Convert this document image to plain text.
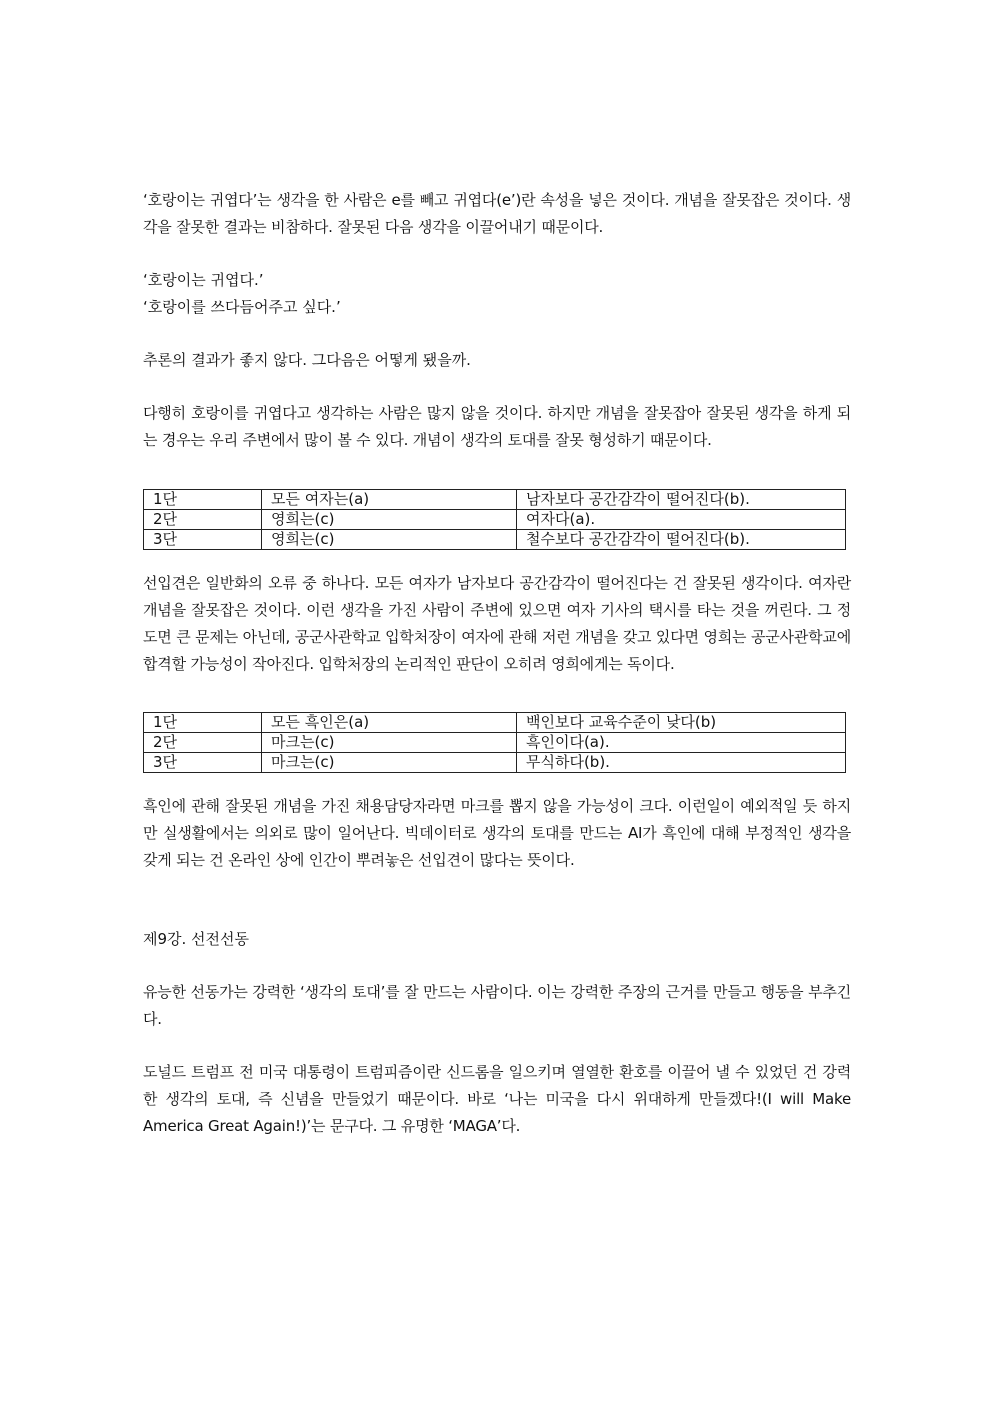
‘호랑이는 귀엽다’는 생각을 한 사람은 e를 빼고 귀엽다(e’)란 속성을 넣은 것이다. 개념을 잘못잡은 것이다. 생각을 잘못한 결과는 비참하다. 잘못된 다음 생각을 이끌어내기 때문이다.

‘호랑이는 귀엽다.’

‘호랑이를 쓰다듬어주고 싶다.’

추론의 결과가 좋지 않다. 그다음은 어떻게 됐을까.

다행히 호랑이를 귀엽다고 생각하는 사람은 많지 않을 것이다. 하지만 개념을 잘못잡아 잘못된 생각을 하게 되는 경우는 우리 주변에서 많이 볼 수 있다. 개념이 생각의 토대를 잘못 형성하기 때문이다.

1단	모든 여자는(a)	남자보다 공간감각이 떨어진다(b).
2단	영희는(c)	여자다(a).
3단	영희는(c)	철수보다 공간감각이 떨어진다(b).

선입견은 일반화의 오류 중 하나다. 모든 여자가 남자보다 공간감각이 떨어진다는 건 잘못된 생각이다. 여자란 개념을 잘못잡은 것이다. 이런 생각을 가진 사람이 주변에 있으면 여자 기사의 택시를 타는 것을 꺼린다. 그 정도면 큰 문제는 아닌데, 공군사관학교 입학처장이 여자에 관해 저런 개념을 갖고 있다면 영희는 공군사관학교에 합격할 가능성이 작아진다. 입학처장의 논리적인 판단이 오히려 영희에게는 독이다.

1단	모든 흑인은(a)	백인보다 교육수준이 낮다(b)
2단	마크는(c)	흑인이다(a).
3단	마크는(c)	무식하다(b).

흑인에 관해 잘못된 개념을 가진 채용담당자라면 마크를 뽑지 않을 가능성이 크다. 이런일이 예외적일 듯 하지만 실생활에서는 의외로 많이 일어난다. 빅데이터로 생각의 토대를 만드는 AI가 흑인에 대해 부정적인 생각을 갖게 되는 건 온라인 상에 인간이 뿌려놓은 선입견이 많다는 뜻이다.

제9강. 선전선동

유능한 선동가는 강력한 ‘생각의 토대’를 잘 만드는 사람이다. 이는 강력한 주장의 근거를 만들고 행동을 부추긴다.

도널드 트럼프 전 미국 대통령이 트럼피즘이란 신드롬을 일으키며 열열한 환호를 이끌어 낼 수 있었던 건 강력한 생각의 토대, 즉 신념을 만들었기 때문이다. 바로 ‘나는 미국을 다시 위대하게 만들겠다!(I will Make America Great Again!)’는 문구다. 그 유명한 ‘MAGA’다.
